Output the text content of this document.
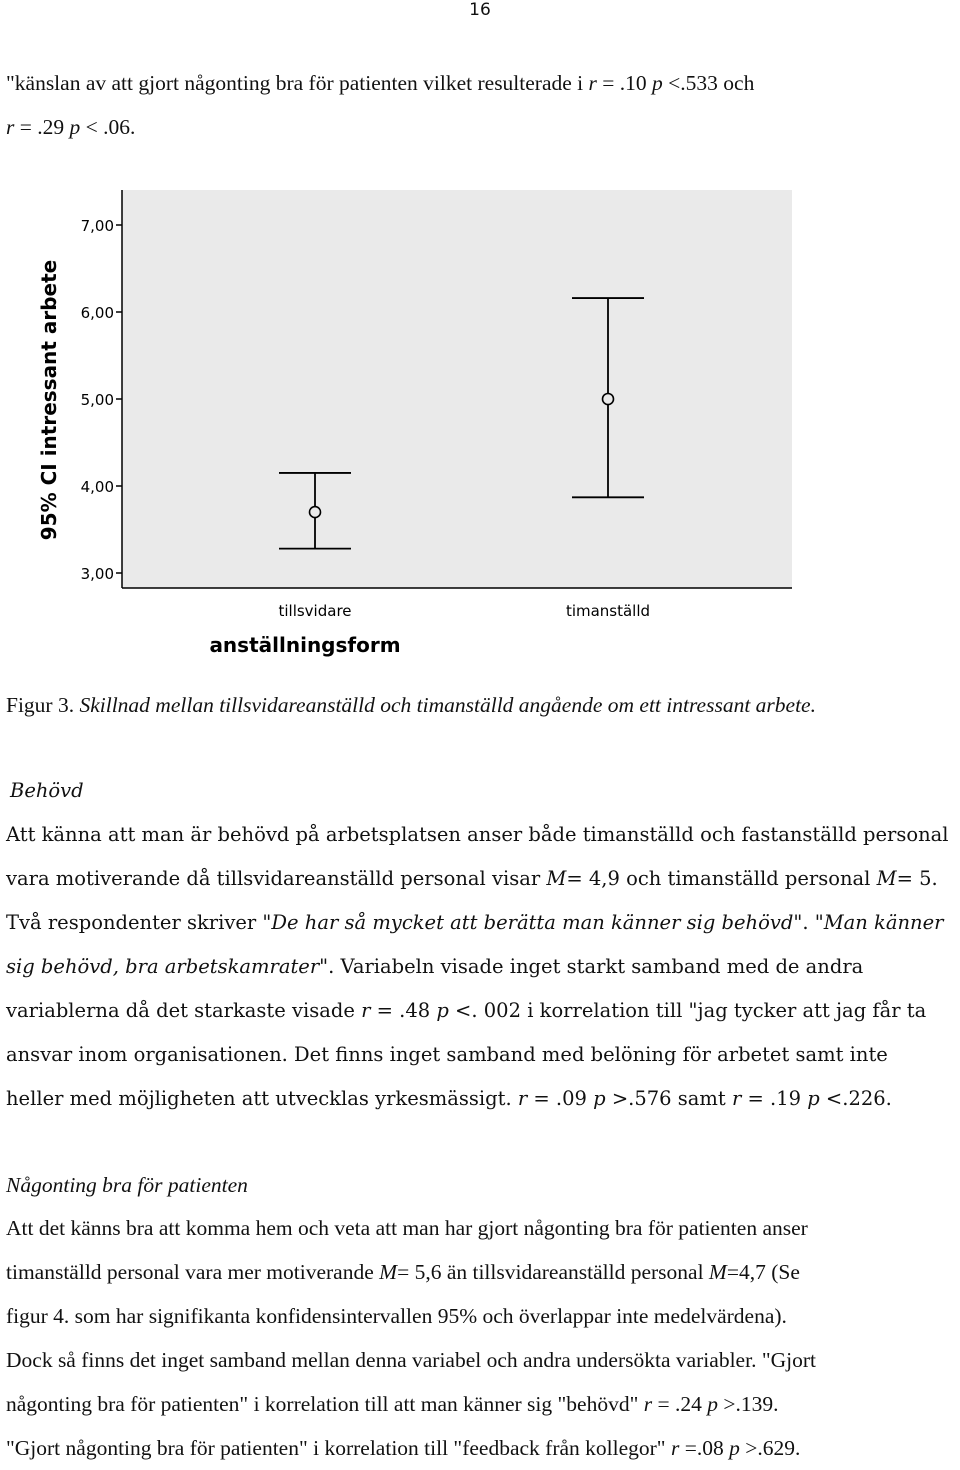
16
"känslan av att gjort någonting bra för patienten vilket resulterade i r = .10 p <.533 och
r = .29 p < .06.
7,00
6,00
5,00
4,00
3,00
tillsvidare	timanställd
anställningsform
95% CI intressant arbete
Figur 3. Skillnad mellan tillsvidareanställd och timanställd angående om ett intressant arbete.
Behövd
Att känna att man är behövd på arbetsplatsen anser både timanställd och fastanställd personal
vara motiverande då tillsvidareanställd personal visar M= 4,9 och timanställd personal M= 5.
Två respondenter skriver "De har så mycket att berätta man känner sig behövd". "Man känner
sig behövd, bra arbetskamrater". Variabeln visade inget starkt samband med de andra
variablerna då det starkaste visade r = .48 p <. 002 i korrelation till "jag tycker att jag får ta
ansvar inom organisationen. Det finns inget samband med belöning för arbetet samt inte
heller med möjligheten att utvecklas yrkesmässigt. r = .09 p >.576 samt r = .19 p <.226.
Någonting bra för patienten
Att det känns bra att komma hem och veta att man har gjort någonting bra för patienten anser
timanställd personal vara mer motiverande M= 5,6 än tillsvidareanställd personal M=4,7 (Se
figur 4. som har signifikanta konfidensintervallen 95% och överlappar inte medelvärdena).
Dock så finns det inget samband mellan denna variabel och andra undersökta variabler. "Gjort
någonting bra för patienten" i korrelation till att man känner sig "behövd" r = .24 p >.139.
"Gjort någonting bra för patienten" i korrelation till "feedback från kollegor" r =.08 p >.629.
